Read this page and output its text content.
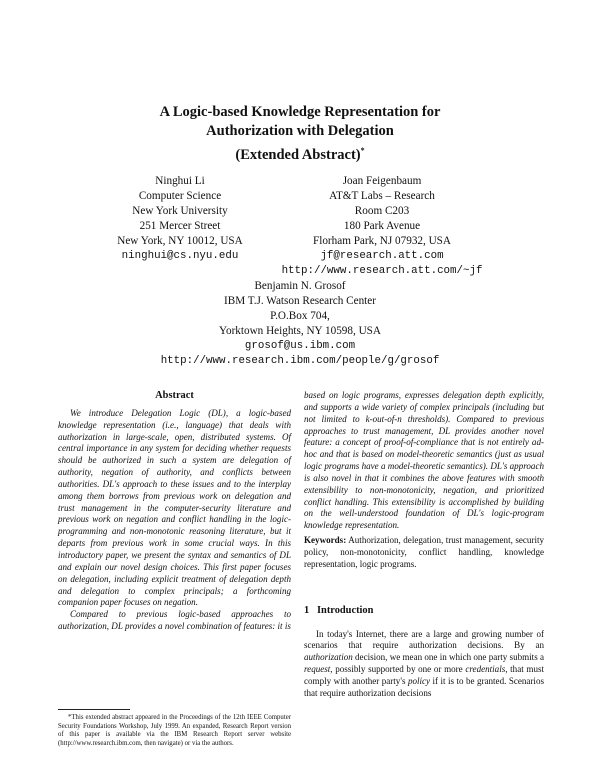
A Logic-based Knowledge Representation for
Authorization with Delegation
(Extended Abstract)*
Ninghui Li
Computer Science
New York University
251 Mercer Street
New York, NY 10012, USA
ninghui@cs.nyu.edu
Joan Feigenbaum
AT&T Labs – Research
Room C203
180 Park Avenue
Florham Park, NJ 07932, USA
jf@research.att.com
http://www.research.att.com/~jf
Benjamin N. Grosof
IBM T.J. Watson Research Center
P.O.Box 704,
Yorktown Heights, NY 10598, USA
grosof@us.ibm.com
http://www.research.ibm.com/people/g/grosof
Abstract

We introduce Delegation Logic (DL), a logic-based knowledge representation (i.e., language) that deals with authorization in large-scale, open, distributed systems. Of central importance in any system for deciding whether requests should be authorized in such a system are delegation of authority, negation of authority, and conflicts between authorities. DL's approach to these issues and to the interplay among them borrows from previous work on delegation and trust management in the computer-security literature and previous work on negation and conflict handling in the logic-programming and non-monotonic reasoning literature, but it departs from previous work in some crucial ways. In this introductory paper, we present the syntax and semantics of DL and explain our novel design choices. This first paper focuses on delegation, including explicit treatment of delegation depth and delegation to complex principals; a forthcoming companion paper focuses on negation.

Compared to previous logic-based approaches to authorization, DL provides a novel combination of features: it is

*This extended abstract appeared in the Proceedings of the 12th IEEE Computer Security Foundations Workshop, July 1999. An expanded, Research Report version of this paper is available via the IBM Research Report server website (http://www.research.ibm.com, then navigate) or via the authors.

based on logic programs, expresses delegation depth explicitly, and supports a wide variety of complex principals (including but not limited to k-out-of-n thresholds). Compared to previous approaches to trust management, DL provides another novel feature: a concept of proof-of-compliance that is not entirely ad-hoc and that is based on model-theoretic semantics (just as usual logic programs have a model-theoretic semantics). DL's approach is also novel in that it combines the above features with smooth extensibility to non-monotonicity, negation, and prioritized conflict handling. This extensibility is accomplished by building on the well-understood foundation of DL's logic-program knowledge representation.

Keywords: Authorization, delegation, trust management, security policy, non-monotonicity, conflict handling, knowledge representation, logic programs.

1 Introduction

In today's Internet, there are a large and growing number of scenarios that require authorization decisions. By an authorization decision, we mean one in which one party submits a request, possibly supported by one or more credentials, that must comply with another party's policy if it is to be granted. Scenarios that require authorization decisions
